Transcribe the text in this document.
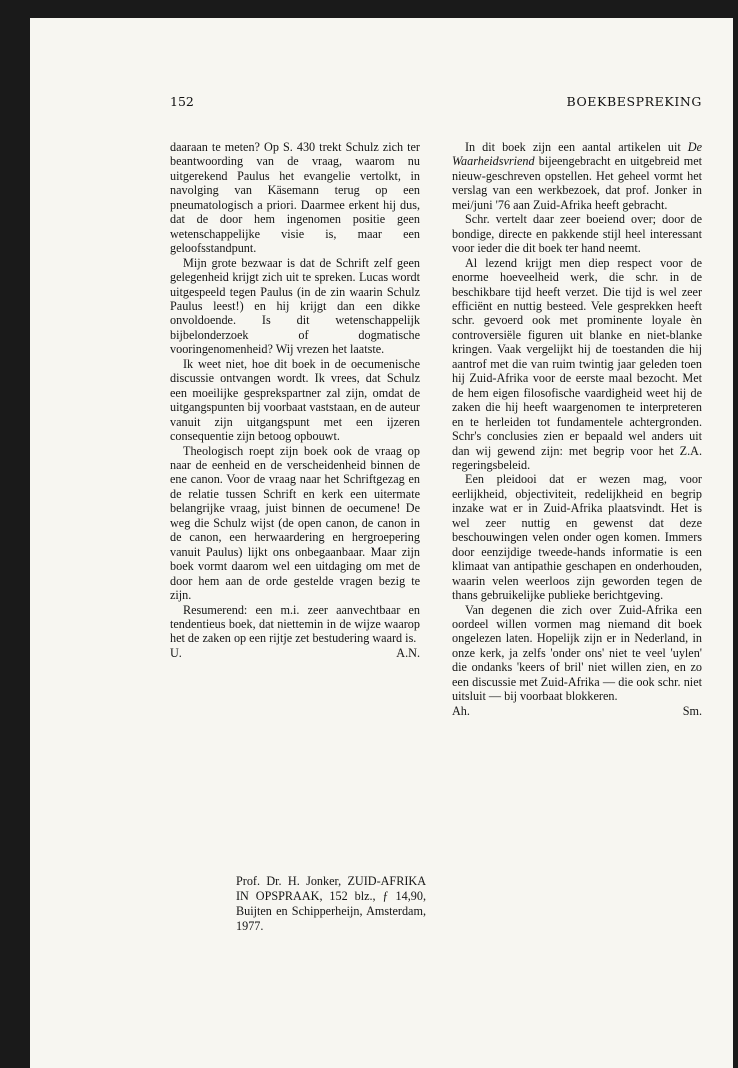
152	BOEKBESPREKING

daaraan te meten? Op S. 430 trekt Schulz zich ter beantwoording van de vraag, waarom nu uitgerekend Paulus het evangelie vertolkt, in navolging van Käsemann terug op een pneumatologisch a priori. Daarmee erkent hij dus, dat de door hem ingenomen positie geen wetenschappelijke visie is, maar een geloofsstandpunt.

Mijn grote bezwaar is dat de Schrift zelf geen gelegenheid krijgt zich uit te spreken. Lucas wordt uitgespeeld tegen Paulus (in de zin waarin Schulz Paulus leest!) en hij krijgt dan een dikke onvoldoende. Is dit wetenschappelijk bijbelonderzoek of dogmatische vooringenomenheid? Wij vrezen het laatste.

Ik weet niet, hoe dit boek in de oecumenische discussie ontvangen wordt. Ik vrees, dat Schulz een moeilijke gesprekspartner zal zijn, omdat de uitgangspunten bij voorbaat vaststaan, en de auteur vanuit zijn uitgangspunt met een ijzeren consequentie zijn betoog opbouwt.

Theologisch roept zijn boek ook de vraag op naar de eenheid en de verscheidenheid binnen de ene canon. Voor de vraag naar het Schriftgezag en de relatie tussen Schrift en kerk een uitermate belangrijke vraag, juist binnen de oecumene! De weg die Schulz wijst (de open canon, de canon in de canon, een herwaardering en hergroepering vanuit Paulus) lijkt ons onbegaanbaar. Maar zijn boek vormt daarom wel een uitdaging om met de door hem aan de orde gestelde vragen bezig te zijn.

Resumerend: een m.i. zeer aanvechtbaar en tendentieus boek, dat niettemin in de wijze waarop het de zaken op een rijtje zet bestudering waard is.

U.	A.N.

Prof. Dr. H. Jonker, ZUID-AFRIKA IN OPSPRAAK, 152 blz., ƒ 14,90, Buijten en Schipperheijn, Amsterdam, 1977.

In dit boek zijn een aantal artikelen uit De Waarheidsvriend bijeengebracht en uitgebreid met nieuw-geschreven opstellen. Het geheel vormt het verslag van een werkbezoek, dat prof. Jonker in mei/juni '76 aan Zuid-Afrika heeft gebracht.

Schr. vertelt daar zeer boeiend over; door de bondige, directe en pakkende stijl heel interessant voor ieder die dit boek ter hand neemt.

Al lezend krijgt men diep respect voor de enorme hoeveelheid werk, die schr. in de beschikbare tijd heeft verzet. Die tijd is wel zeer efficiënt en nuttig besteed. Vele gesprekken heeft schr. gevoerd ook met prominente loyale èn controversiële figuren uit blanke en niet-blanke kringen. Vaak vergelijkt hij de toestanden die hij aantrof met die van ruim twintig jaar geleden toen hij Zuid-Afrika voor de eerste maal bezocht. Met de hem eigen filosofische vaardigheid weet hij de zaken die hij heeft waargenomen te interpreteren en te herleiden tot fundamentele achtergronden. Schr's conclusies zien er bepaald wel anders uit dan wij gewend zijn: met begrip voor het Z.A. regeringsbeleid.

Een pleidooi dat er wezen mag, voor eerlijkheid, objectiviteit, redelijkheid en begrip inzake wat er in Zuid-Afrika plaatsvindt. Het is wel zeer nuttig en gewenst dat deze beschouwingen velen onder ogen komen. Immers door eenzijdige tweede-hands informatie is een klimaat van antipathie geschapen en onderhouden, waarin velen weerloos zijn geworden tegen de thans gebruikelijke publieke berichtgeving.

Van degenen die zich over Zuid-Afrika een oordeel willen vormen mag niemand dit boek ongelezen laten. Hopelijk zijn er in Nederland, in onze kerk, ja zelfs 'onder ons' niet te veel 'uylen' die ondanks 'keers of bril' niet willen zien, en zo een discussie met Zuid-Afrika — die ook schr. niet uitsluit — bij voorbaat blokkeren.

Ah.	Sm.
